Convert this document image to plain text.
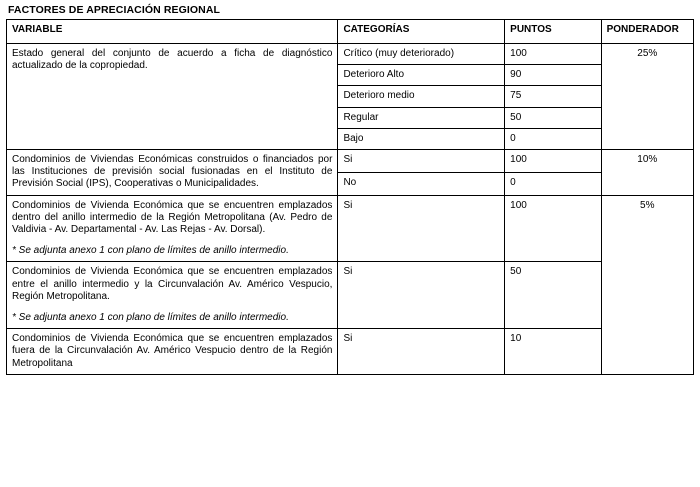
FACTORES DE APRECIACIÓN REGIONAL
VARIABLE	CATEGORÍAS	PUNTOS	PONDERADOR
Estado general del conjunto de acuerdo a ficha de diagnóstico actualizado de la copropiedad.	Crítico (muy deteriorado)	100	25%
	Deterioro Alto	90	
	Deterioro medio	75	
	Regular	50	
	Bajo	0	
Condominios de Viviendas Económicas construidos o financiados por las Instituciones de previsión social fusionadas en el Instituto de Previsión Social (IPS), Cooperativas o Municipalidades.	Si	100	10%
	No	0	

Condominios de Vivienda Económica que se encuentren emplazados dentro del anillo intermedio de la Región Metropolitana (Av. Pedro de Valdivia - Av. Departamental - Av. Las Rejas - Av. Dorsal).
* Se adjunta anexo 1 con plano de límites de anillo intermedio.	Si	100	5%

Condominios de Vivienda Económica que se encuentren emplazados entre el anillo intermedio y la Circunvalación Av. Américo Vespucio, Región Metropolitana.
* Se adjunta anexo 1 con plano de límites de anillo intermedio.	Si	50	
Condominios de Vivienda Económica que se encuentren emplazados fuera de la Circunvalación Av. Américo Vespucio dentro de la Región Metropolitana	Si	10	
